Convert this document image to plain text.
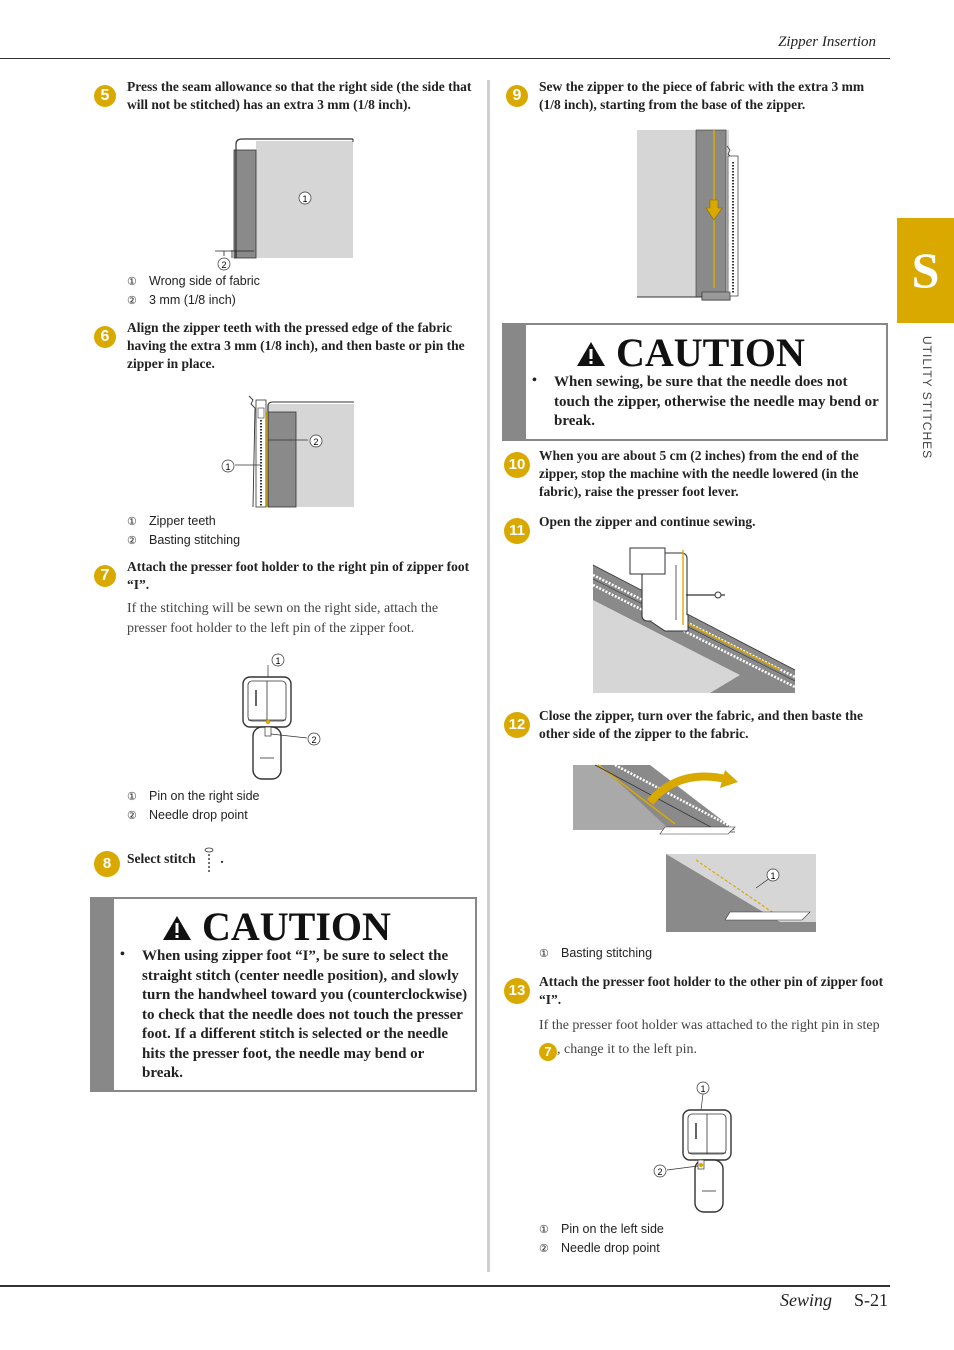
Zipper Insertion
S
UTILITY STITCHES
5
Press the seam allowance so that the right side (the side that will not be stitched) has an extra 3 mm (1/8 inch).
1
2
① Wrong side of fabric
② 3 mm (1/8 inch)
6
Align the zipper teeth with the pressed edge of the fabric having the extra 3 mm (1/8 inch), and then baste or pin the zipper in place.
1
2
① Zipper teeth
② Basting stitching
7
Attach the presser foot holder to the right pin of zipper foot “I”.
If the stitching will be sewn on the right side, attach the presser foot holder to the left pin of the zipper foot.
1
2
① Pin on the right side
② Needle drop point
8	Select stitch .
CAUTION
•	When using zipper foot “I”, be sure to select the straight stitch (center needle position), and slowly turn the handwheel toward you (counterclockwise) to check that the needle does not touch the presser foot. If a different stitch is selected or the needle hits the presser foot, the needle may bend or break.
9
Sew the zipper to the piece of fabric with the extra 3 mm (1/8 inch), starting from the base of the zipper.
CAUTION
•	When sewing, be sure that the needle does not touch the zipper, otherwise the needle may bend or break.
10
When you are about 5 cm (2 inches) from the end of the zipper, stop the machine with the needle lowered (in the fabric), raise the presser foot lever.
11
Open the zipper and continue sewing.
12
Close the zipper, turn over the fabric, and then baste the other side of the zipper to the fabric.
1
① Basting stitching
13
Attach the presser foot holder to the other pin of zipper foot “I”.
If the presser foot holder was attached to the right pin in step 7 , change it to the left pin.
1
2
① Pin on the left side
② Needle drop point
Sewing S-21
